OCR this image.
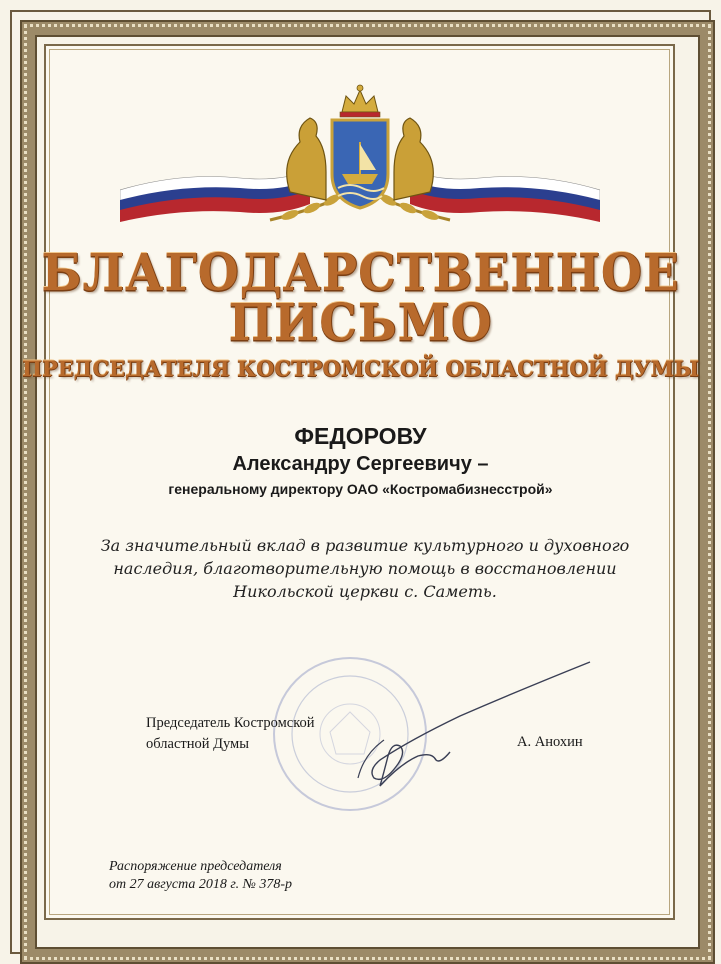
БЛАГОДАРСТВЕННОЕ
ПИСЬМО
ПРЕДСЕДАТЕЛЯ КОСТРОМСКОЙ ОБЛАСТНОЙ ДУМЫ
ФЕДОРОВУ
Александру Сергеевичу –
генеральному директору ОАО «Костромабизнесстрой»
За значительный вклад в развитие культурного и духовного
наследия, благотворительную помощь в восстановлении
Никольской церкви с. Саметь.
Председатель Костромской
областной Думы	А. Анохин
Распоряжение председателя
от 27 августа 2018 г. № 378-р
